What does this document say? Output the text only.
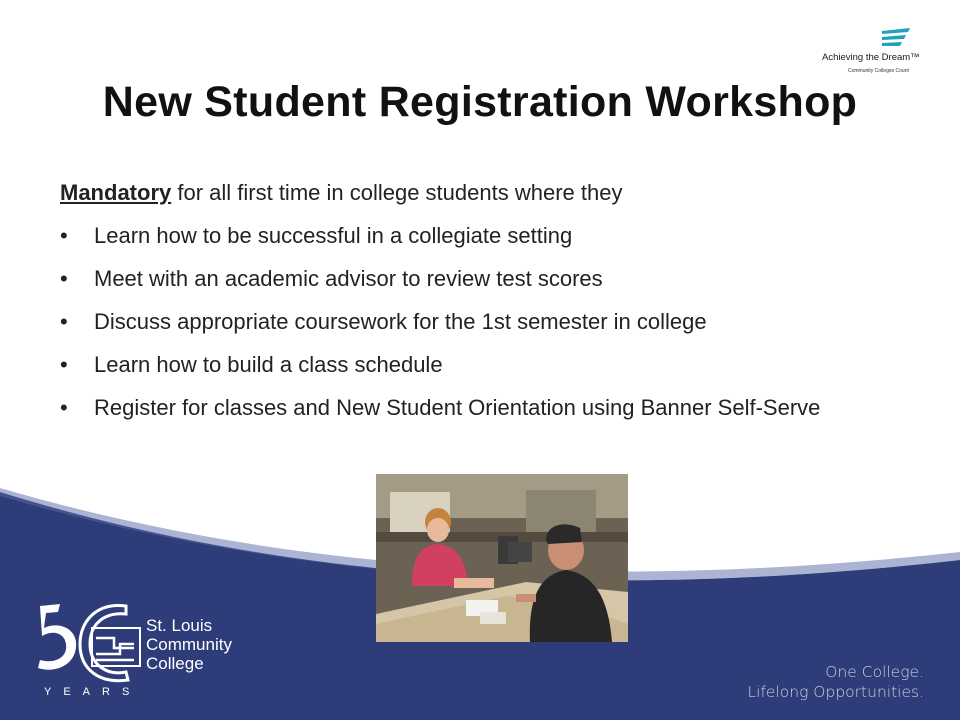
Achieving the Dream™
Community Colleges Count
New Student Registration Workshop
Mandatory for all first time in college students where they
• Learn how to be successful in a collegiate setting
• Meet with an academic advisor to review test scores
• Discuss appropriate coursework for the 1st semester in college
• Learn how to build a class schedule
• Register for classes and New Student Orientation using Banner Self-Serve
St. Louis
Community
College
YEARS
One College.
Lifelong Opportunities.
